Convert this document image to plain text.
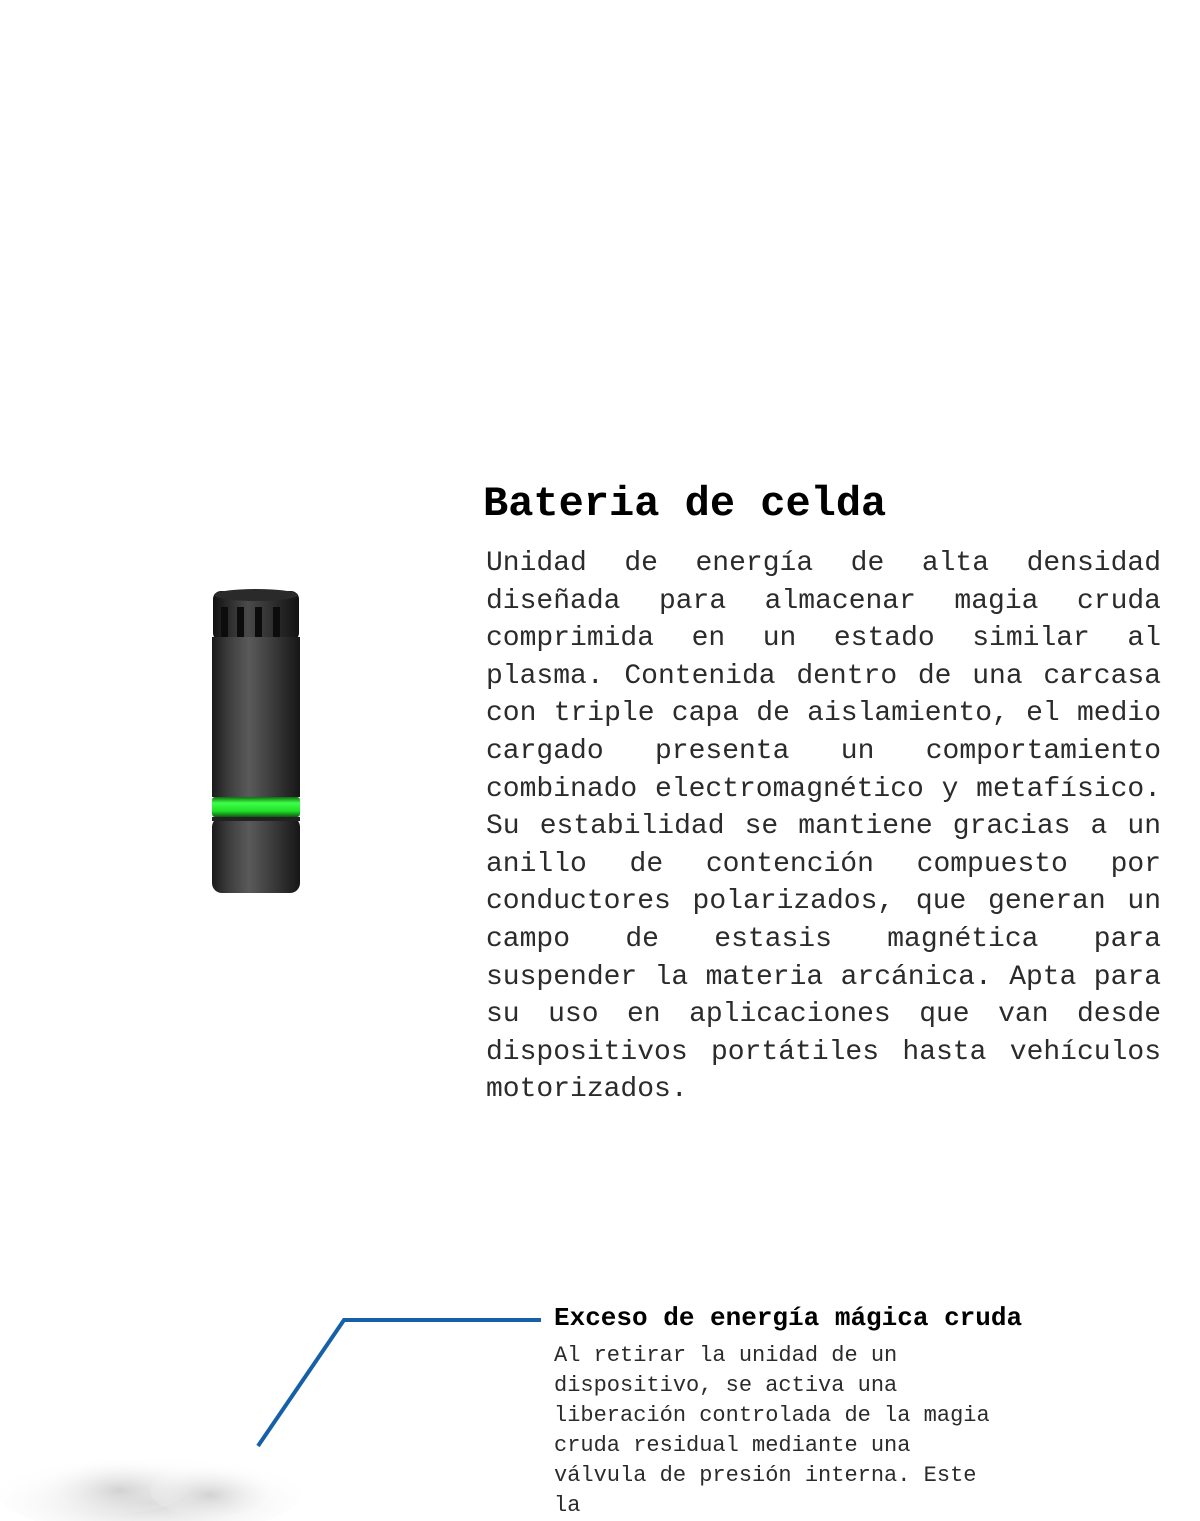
Bateria de celda

Unidad de energía de alta densidad diseñada para almacenar magia cruda comprimida en un estado similar al plasma. Contenida dentro de una carcasa con triple capa de aislamiento, el medio cargado presenta un comportamiento combinado electromagnético y metafísico. Su estabilidad se mantiene gracias a un anillo de contención compuesto por conductores polarizados, que generan un campo de estasis magnética para suspender la materia arcánica. Apta para su uso en aplicaciones que van desde dispositivos portátiles hasta vehículos motorizados.

Exceso de energía mágica cruda

Al retirar la unidad de un dispositivo, se activa una liberación controlada de la magia cruda residual mediante una válvula de presión interna. Este la
